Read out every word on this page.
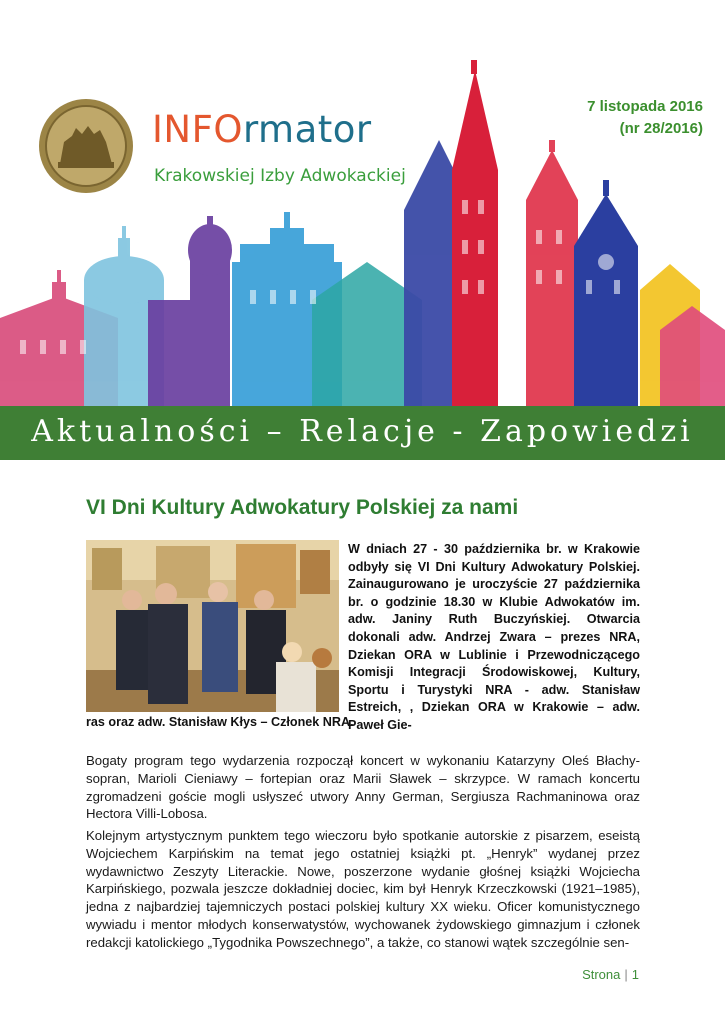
INFOrmator
Krakowskiej Izby Adwokackiej
7 listopada 2016
(nr 28/2016)
Aktualności – Relacje - Zapowiedzi
VI Dni Kultury Adwokatury Polskiej za nami

W dniach 27 - 30 października br. w Krakowie odbyły się VI Dni Kultury Adwokatury Polskiej. Zainaugurowano je uroczyście 27 października br. o godzinie 18.30 w Klubie Adwokatów im. adw. Janiny Ruth Buczyńskiej. Otwarcia dokonali adw. Andrzej Zwara – prezes NRA, Dziekan ORA w Lublinie i Przewodniczącego Komisji Integracji Środowiskowej, Kultury, Sportu i Turystyki NRA - adw. Stanisław Estreich, , Dziekan ORA w Krakowie – adw. Paweł Gie-

ras oraz adw. Stanisław Kłys – Członek NRA.

Bogaty program tego wydarzenia rozpoczął koncert w wykonaniu Katarzyny Oleś Błachy-sopran, Marioli Cieniawy – fortepian oraz Marii Sławek – skrzypce. W ramach koncertu zgromadzeni goście mogli usłyszeć utwory Anny German, Sergiusza Rachmaninowa oraz Hectora Villi-Lobosa.

Kolejnym artystycznym punktem tego wieczoru było spotkanie autorskie z pisarzem, eseistą Wojciechem Karpińskim na temat jego ostatniej książki pt. „Henryk” wydanej przez wydawnictwo Zeszyty Literackie. Nowe, poszerzone wydanie głośnej książki Wojciecha Karpińskiego, pozwala jeszcze dokładniej dociec, kim był Henryk Krzeczkowski (1921–1985), jedna z najbardziej tajemniczych postaci polskiej kultury XX wieku. Oficer komunistycznego wywiadu i mentor młodych konserwatystów, wychowanek żydowskiego gimnazjum i członek redakcji katolickiego „Tygodnika Powszechnego”, a także, co stanowi wątek szczególnie sen-

Strona | 1
